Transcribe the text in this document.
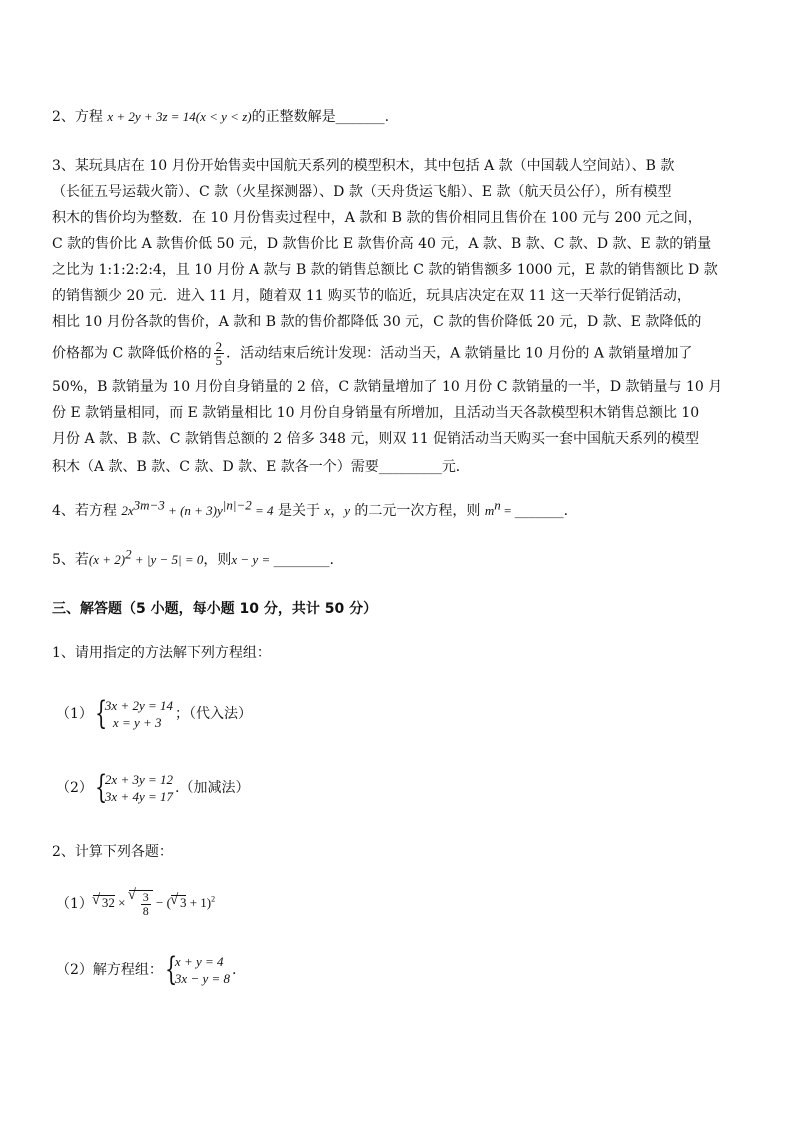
2、方程 x + 2y + 3z = 14(x < y < z)的正整数解是_______.
3、某玩具店在 10 月份开始售卖中国航天系列的模型积木，其中包括 A 款（中国载人空间站）、B 款
（长征五号运载火箭）、C 款（火星探测器）、D 款（天舟货运飞船）、E 款（航天员公仔），所有模型
积木的售价均为整数．在 10 月份售卖过程中，A 款和 B 款的售价相同且售价在 100 元与 200 元之间，
C 款的售价比 A 款售价低 50 元，D 款售价比 E 款售价高 40 元，A 款、B 款、C 款、D 款、E 款的销量
之比为 1:1:2:2:4，且 10 月份 A 款与 B 款的销售总额比 C 款的销售额多 1000 元，E 款的销售额比 D 款
的销售额少 20 元．进入 11 月，随着双 11 购买节的临近，玩具店决定在双 11 这一天举行促销活动，
相比 10 月份各款的售价，A 款和 B 款的售价都降低 30 元，C 款的售价降低 20 元，D 款、E 款降低的
价格都为 C 款降低价格的 $\frac{2}{5}$ ．活动结束后统计发现：活动当天，A 款销量比 10 月份的 A 款销量增加了
50%，B 款销量为 10 月份自身销量的 2 倍，C 款销量增加了 10 月份 C 款销量的一半，D 款销量与 10 月
份 E 款销量相同，而 E 款销量相比 10 月份自身销量有所增加，且活动当天各款模型积木销售总额比 10
月份 A 款、B 款、C 款销售总额的 2 倍多 348 元，则双 11 促销活动当天购买一套中国航天系列的模型
积木（A 款、B 款、C 款、D 款、E 款各一个）需要_________元．
4、若方程 $2x^{3m-3} + (n + 3)y^{|n|-2} = 4$ 是关于 x，y 的二元一次方程，则 $m^n$ = _______.
5、若$(x + 2)^2 + |y - 5| = 0$，则x − y = ________.
三、解答题（5 小题，每小题 10 分，共计 50 分）
1、请用指定的方法解下列方程组：
（1） {
3x + 2y = 14
x = y + 3
；（代入法）
（2） {
2x + 3y = 12
3x + 4y = 17
.（加减法）
2、计算下列各题：
（1） √ 32 × √ $\frac{3}{8}$ − ( √ 3 + 1)$^2$
（2）解方程组： {
x + y = 4
3x − y = 8
.
